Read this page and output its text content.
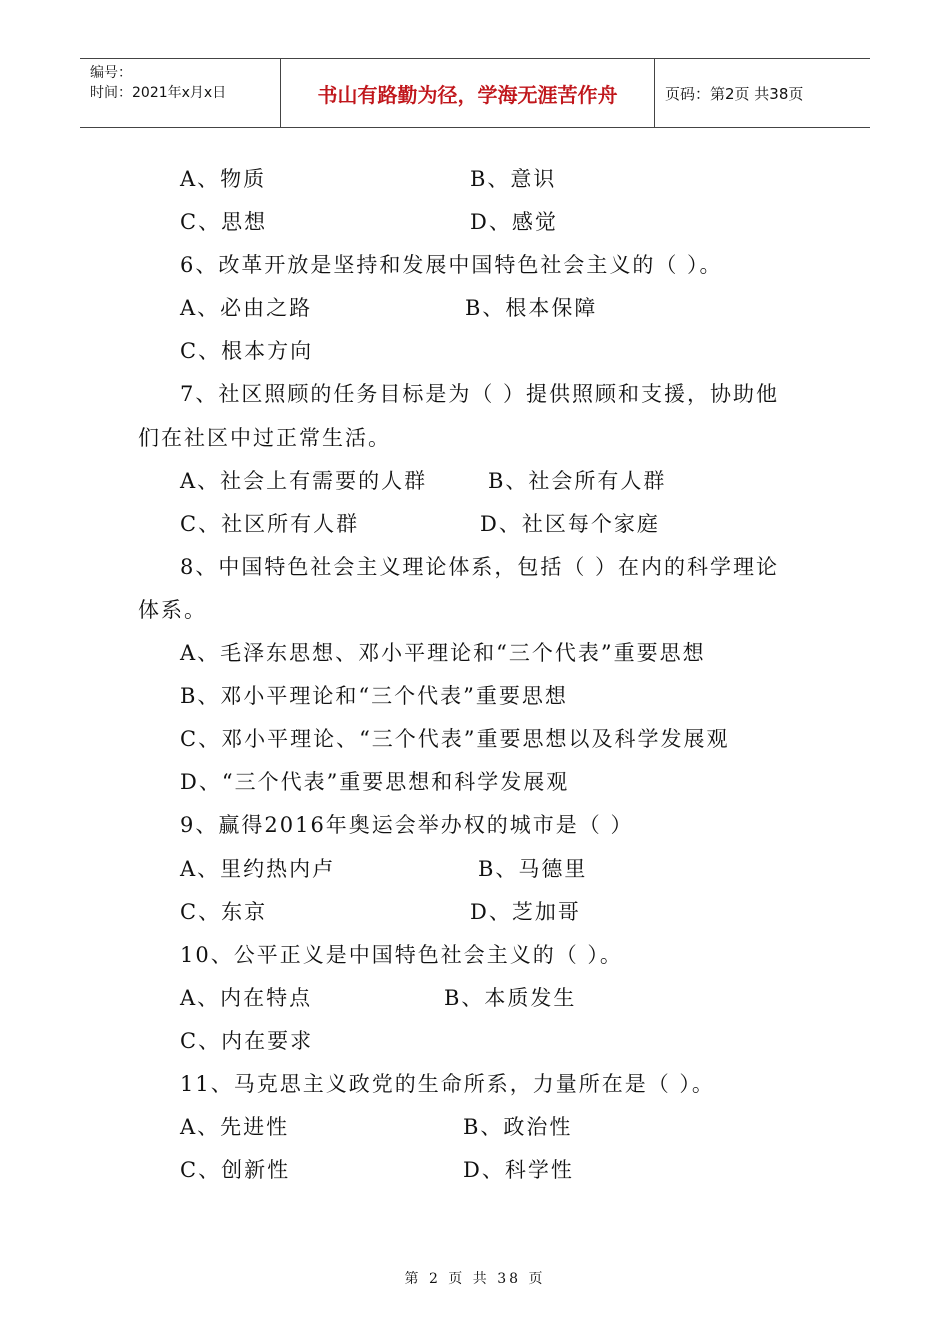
编号：
时间：2021年x月x日	书山有路勤为径，学海无涯苦作舟	页码：第2页 共38页
A、物质	B、意识
C、思想	D、感觉
6、改革开放是坚持和发展中国特色社会主义的（ ）。
A、必由之路	B、根本保障
C、根本方向
7、社区照顾的任务目标是为（ ）提供照顾和支援，协助他
们在社区中过正常生活。
A、社会上有需要的人群	B、社会所有人群
C、社区所有人群	D、社区每个家庭
8、中国特色社会主义理论体系，包括（ ）在内的科学理论
体系。
A、毛泽东思想、邓小平理论和“三个代表”重要思想
B、邓小平理论和“三个代表”重要思想
C、邓小平理论、“三个代表”重要思想以及科学发展观
D、“三个代表”重要思想和科学发展观
9、赢得2016年奥运会举办权的城市是（ ）
A、里约热内卢	B、马德里
C、东京	D、芝加哥
10、公平正义是中国特色社会主义的（ ）。
A、内在特点	B、本质发生
C、内在要求
11、马克思主义政党的生命所系，力量所在是（ ）。
A、先进性	B、政治性
C、创新性	D、科学性
第 2 页 共 38 页
